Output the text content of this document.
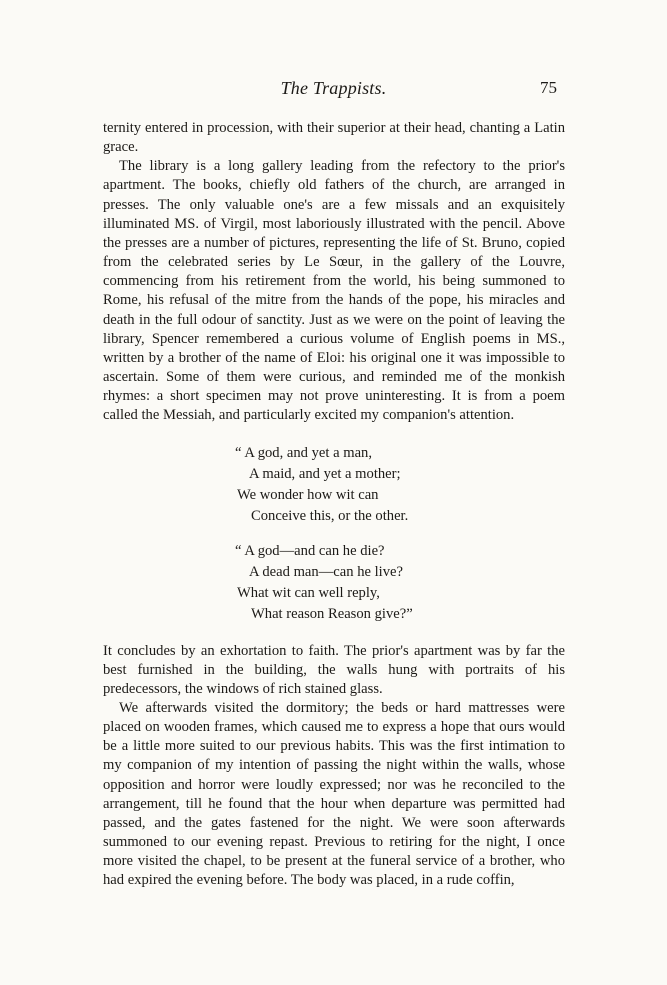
The Trappists.	75

ternity entered in procession, with their superior at their head, chanting a Latin grace.

The library is a long gallery leading from the refectory to the prior's apartment. The books, chiefly old fathers of the church, are arranged in presses. The only valuable one's are a few missals and an exquisitely illuminated MS. of Virgil, most laboriously illustrated with the pencil. Above the presses are a number of pictures, representing the life of St. Bruno, copied from the celebrated series by Le Sœur, in the gallery of the Louvre, commencing from his retirement from the world, his being summoned to Rome, his refusal of the mitre from the hands of the pope, his miracles and death in the full odour of sanctity. Just as we were on the point of leaving the library, Spencer remembered a curious volume of English poems in MS., written by a brother of the name of Eloi: his original one it was impossible to ascertain. Some of them were curious, and reminded me of the monkish rhymes: a short specimen may not prove uninteresting. It is from a poem called the Messiah, and particularly excited my companion's attention.

“ A god, and yet a man,
A maid, and yet a mother;
We wonder how wit can
Conceive this, or the other.
“ A god—and can he die?
A dead man—can he live?
What wit can well reply,
What reason Reason give?”

It concludes by an exhortation to faith. The prior's apartment was by far the best furnished in the building, the walls hung with portraits of his predecessors, the windows of rich stained glass.

We afterwards visited the dormitory; the beds or hard mattresses were placed on wooden frames, which caused me to express a hope that ours would be a little more suited to our previous habits. This was the first intimation to my companion of my intention of passing the night within the walls, whose opposition and horror were loudly expressed; nor was he reconciled to the arrangement, till he found that the hour when departure was permitted had passed, and the gates fastened for the night. We were soon afterwards summoned to our evening repast. Previous to retiring for the night, I once more visited the chapel, to be present at the funeral service of a brother, who had expired the evening before. The body was placed, in a rude coffin,
